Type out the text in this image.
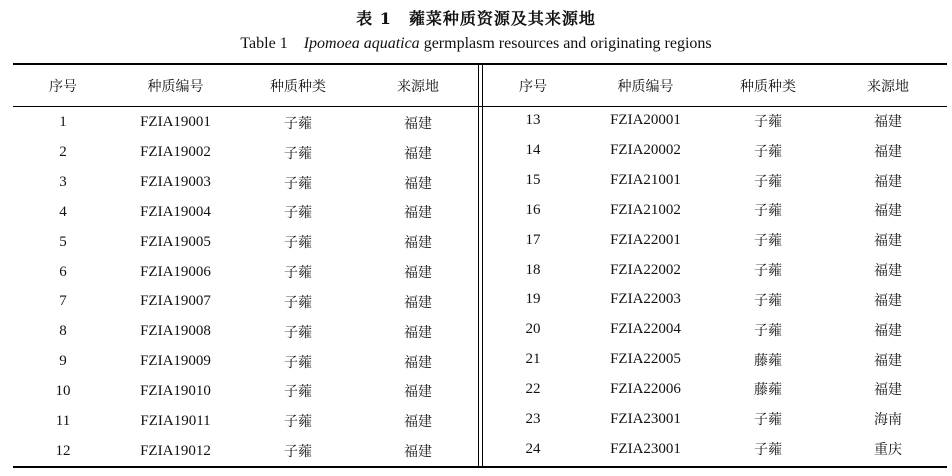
表 1　蕹菜种质资源及其来源地
Table 1 Ipomoea aquatica germplasm resources and originating regions
序号	种质编号	种质种类	来源地
1	FZIA19001	子蕹	福建
2	FZIA19002	子蕹	福建
3	FZIA19003	子蕹	福建
4	FZIA19004	子蕹	福建
5	FZIA19005	子蕹	福建
6	FZIA19006	子蕹	福建
7	FZIA19007	子蕹	福建
8	FZIA19008	子蕹	福建
9	FZIA19009	子蕹	福建
10	FZIA19010	子蕹	福建
11	FZIA19011	子蕹	福建
12	FZIA19012	子蕹	福建
序号	种质编号	种质种类	来源地
13	FZIA20001	子蕹	福建
14	FZIA20002	子蕹	福建
15	FZIA21001	子蕹	福建
16	FZIA21002	子蕹	福建
17	FZIA22001	子蕹	福建
18	FZIA22002	子蕹	福建
19	FZIA22003	子蕹	福建
20	FZIA22004	子蕹	福建
21	FZIA22005	藤蕹	福建
22	FZIA22006	藤蕹	福建
23	FZIA23001	子蕹	海南
24	FZIA23001	子蕹	重庆
